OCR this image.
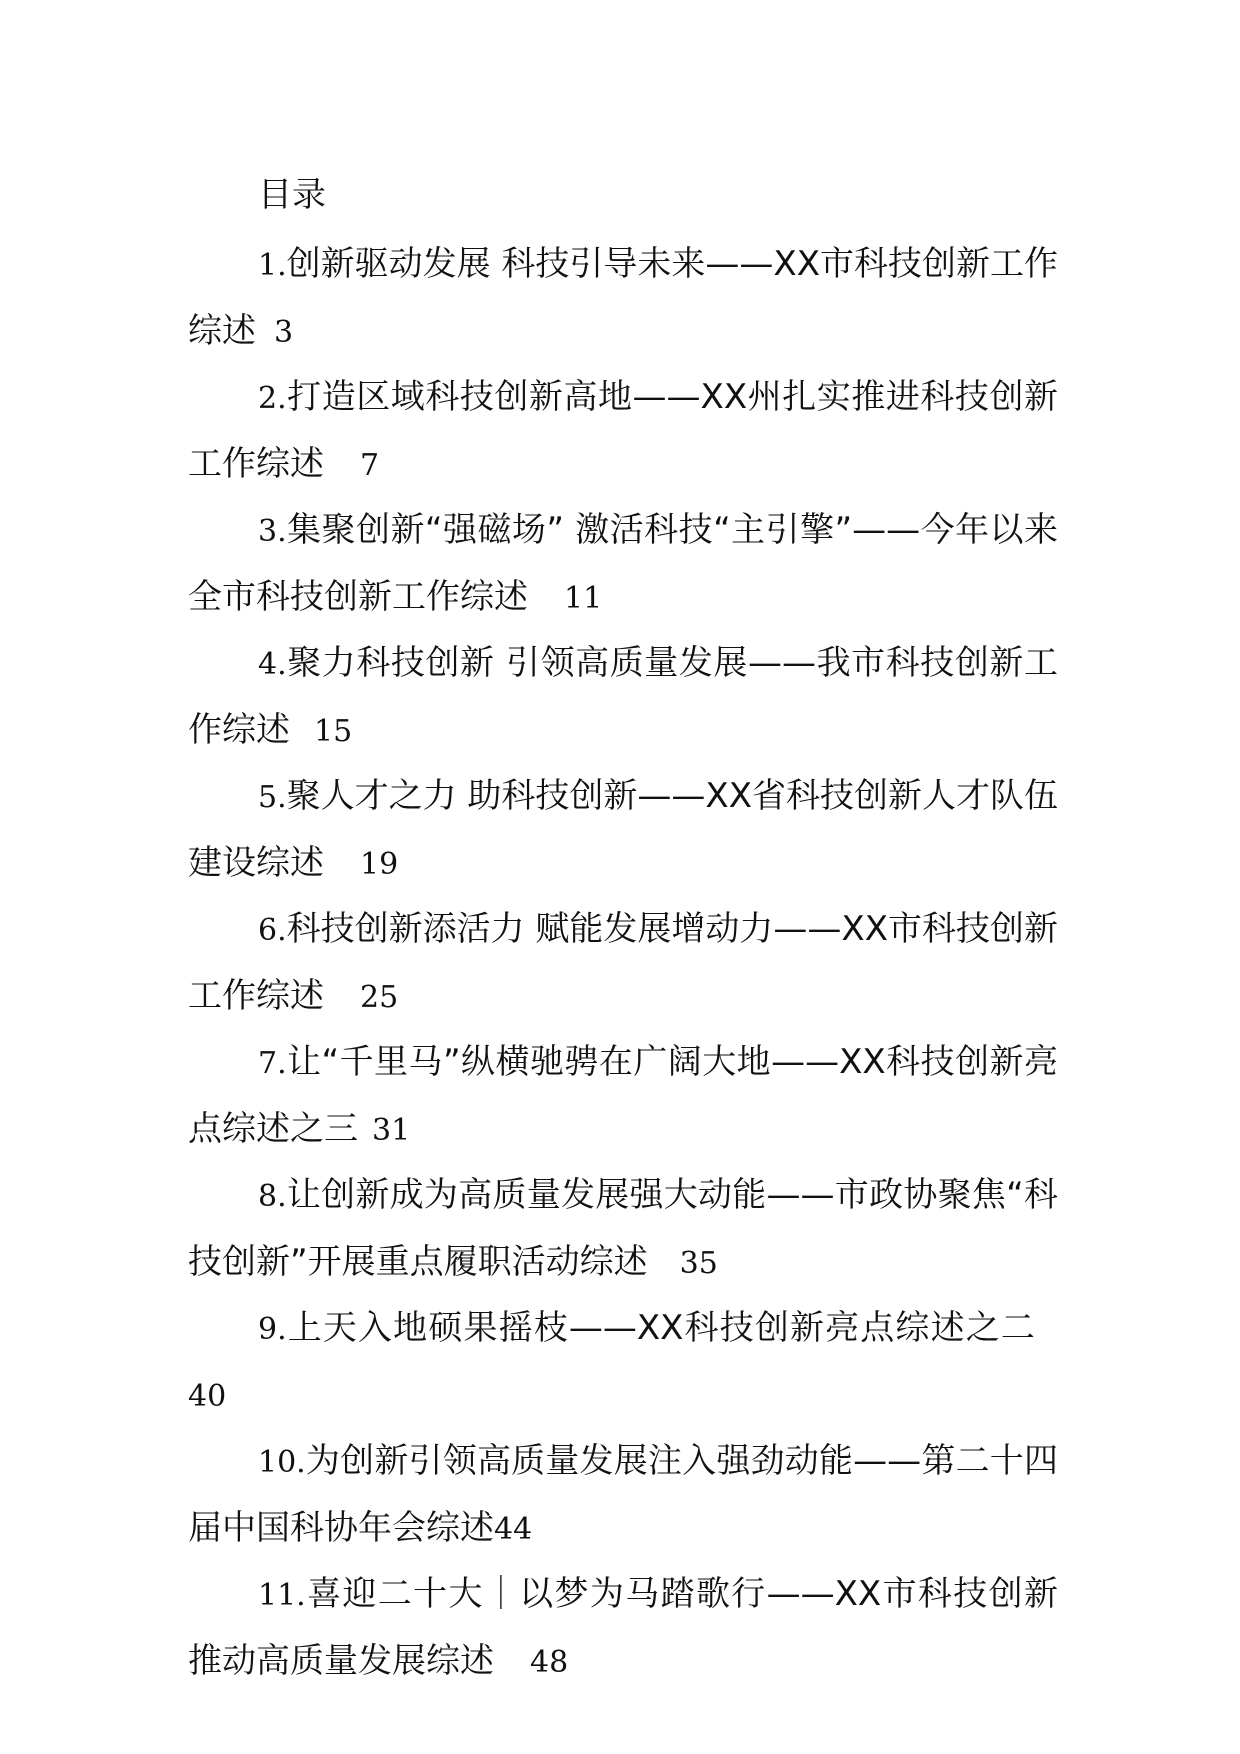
目录
1.创新驱动发展 科技引导未来——XX市科技创新工作综述 3
2.打造区域科技创新高地——XX州扎实推进科技创新工作综述 7
3.集聚创新“强磁场” 激活科技“主引擎”——今年以来全市科技创新工作综述 11
4.聚力科技创新 引领高质量发展——我市科技创新工作综述 15
5.聚人才之力 助科技创新——XX省科技创新人才队伍建设综述 19
6.科技创新添活力 赋能发展增动力——XX市科技创新工作综述 25
7.让“千里马”纵横驰骋在广阔大地——XX科技创新亮点综述之三 31
8.让创新成为高质量发展强大动能——市政协聚焦“科技创新”开展重点履职活动综述 35
9.上天入地硕果摇枝——XX科技创新亮点综述之二40
10.为创新引领高质量发展注入强劲动能——第二十四届中国科协年会综述44
11.喜迎二十大｜以梦为马踏歌行——XX市科技创新推动高质量发展综述 48
